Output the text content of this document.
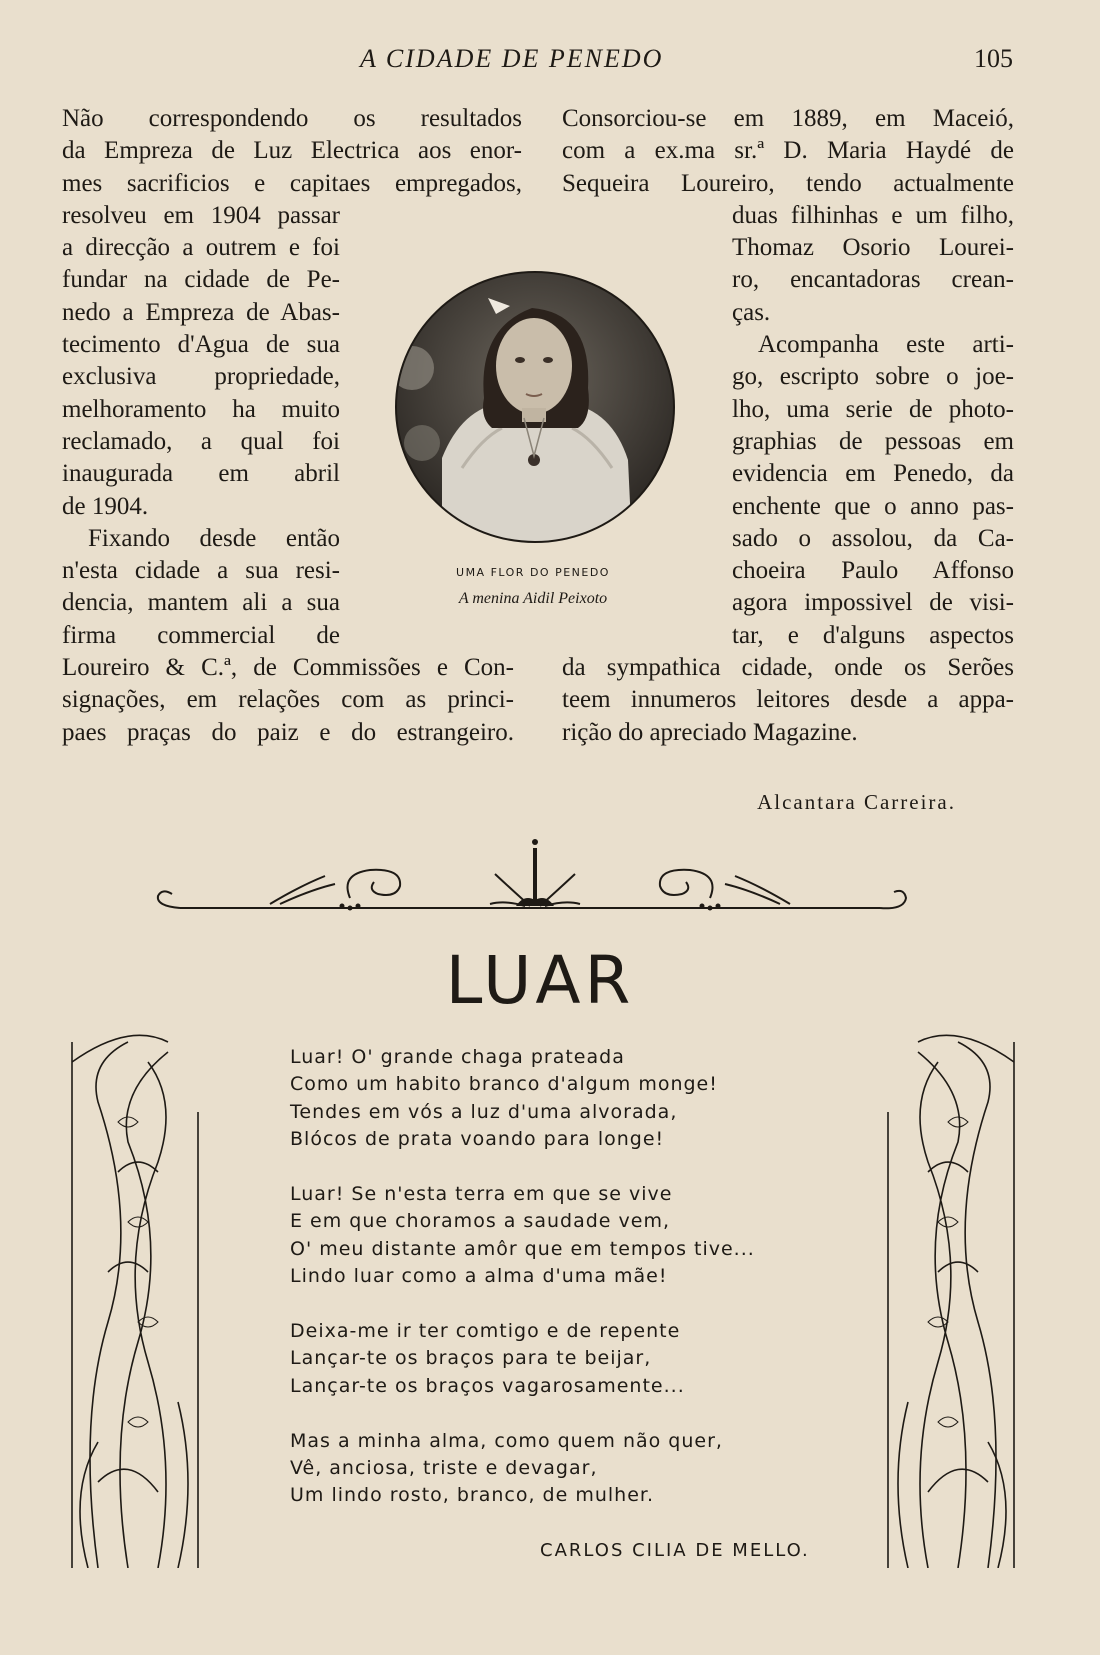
A CIDADE DE PENEDO	105
Não correspondendo os resultados
da Empreza de Luz Electrica aos enor-
mes sacrificios e capitaes empregados,
resolveu em 1904 passar
a direcção a outrem e foi
fundar na cidade de Pe-
nedo a Empreza de Abas-
tecimento d'Agua de sua
exclusiva propriedade,
melhoramento ha muito
reclamado, a qual foi
inaugurada em abril
de 1904.
Fixando desde então
n'esta cidade a sua resi-
dencia, mantem ali a sua
firma commercial de
Loureiro & C.ª, de Commissões e Con-
signações, em relações com as princi-
paes praças do paiz e do estrangeiro.
Consorciou-se em 1889, em Maceió,
com a ex.ma sr.ª D. Maria Haydé de
Sequeira Loureiro, tendo actualmente
duas filhinhas e um filho,
Thomaz Osorio Lourei-
ro, encantadoras crean-
ças.
Acompanha este arti-
go, escripto sobre o joe-
lho, uma serie de photo-
graphias de pessoas em
evidencia em Penedo, da
enchente que o anno pas-
sado o assolou, da Ca-
choeira Paulo Affonso
agora impossivel de visi-
tar, e d'alguns aspectos
da sympathica cidade, onde os Serões
teem innumeros leitores desde a appa-
rição do apreciado Magazine.
Alcantara Carreira.
UMA FLOR DO PENEDO
A menina Aidil Peixoto
LUAR
Luar! O' grande chaga prateada
Como um habito branco d'algum monge!
Tendes em vós a luz d'uma alvorada,
Blócos de prata voando para longe!
Luar! Se n'esta terra em que se vive
E em que choramos a saudade vem,
O' meu distante amôr que em tempos tive...
Lindo luar como a alma d'uma mãe!
Deixa-me ir ter comtigo e de repente
Lançar-te os braços para te beijar,
Lançar-te os braços vagarosamente...
Mas a minha alma, como quem não quer,
Vê, anciosa, triste e devagar,
Um lindo rosto, branco, de mulher.
CARLOS CILIA DE MELLO.
